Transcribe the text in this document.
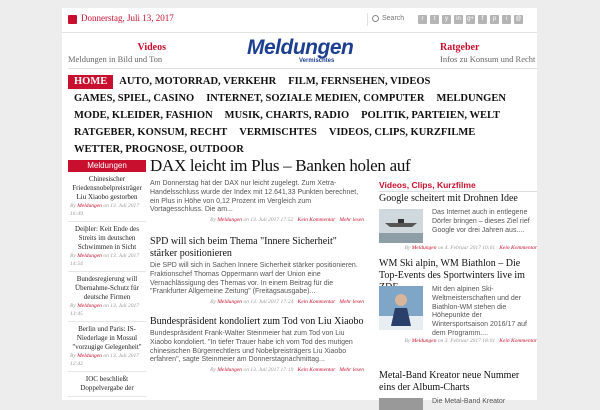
Donnerstag, Juli 13, 2017	Search	r t y in g+ f p i @
Videos
Meldungen in Bild und Ton	Meldungen
Vermischtes
Ratgeber
Infos zu Konsum und Recht
HOME AUTO, MOTORRAD, VERKEHR FILM, FERNSEHEN, VIDEOS
GAMES, SPIEL, CASINO INTERNET, SOZIALE MEDIEN, COMPUTER MELDUNGEN
MODE, KLEIDER, FASHION MUSIK, CHARTS, RADIO POLITIK, PARTEIEN, WELT
RATGEBER, KONSUM, RECHT VERMISCHTES VIDEOS, CLIPS, KURZFILME
WETTER, PROGNOSE, OUTDOOR
Meldungen
Chinesischer Friedensnobelpreisträger Liu Xiaobo gestorben
By Meldungen on 13. Juli 2017 16:49
Deiþler: Keit Ende des Streits im deutschen Schwimmen in Sicht
By Meldungen on 13. Juli 2017 14:54
Bundesregierung will Übernahme-Schutz für deutsche Firmen
By Meldungen on 13. Juli 2017 13:45
Berlin und Paris: IS-Niederlage in Mossul "vorzugige Gelegenheit"
By Meldungen on 13. Juli 2017 12:42
IOC beschließt Doppelvergabe der
DAX leicht im Plus – Banken holen auf
Am Donnerstag hat der DAX nur leicht zugelegt. Zum Xetra-Handelsschluss wurde der Index mit 12.641,33 Punkten berechnet, ein Plus in Höhe von 0,12 Prozent im Vergleich zum Vortagesschluss. Die am...
By Meldungen on 13. Juli 2017 17:52 Kein Kommentar Mehr lesen
SPD will sich beim Thema "Innere Sicherheit" stärker positionieren
Die SPD will sich in Sachen Innere Sicherheit stärker positionieren. Fraktionschef Thomas Oppermann warf der Union eine Vernachlässigung des Themas vor. In einem Beitrag für die "Frankfurter Allgemeine Zeitung" (Freitagsausgabe)...
By Meldungen on 13. Juli 2017 17:24 Kein Kommentar Mehr lesen
Bundespräsident kondoliert zum Tod von Liu Xiaobo
Bundespräsident Frank-Walter Steinmeier hat zum Tod von Liu Xiaobo kondoliert. "In tiefer Trauer habe ich vom Tod des mutigen chinesischen Bürgerrechtlers und Nobelpreisträgers Liu Xiaobo erfahren", sagte Steinmeier am Donnerstagnachmittag...
By Meldungen on 13. Juli 2017 17:19 Kein Kommentar Mehr lesen
Videos, Clips, Kurzfilme
Google scheitert mit Drohnen Idee
Das Internet auch in entlegene Dörfer bringen – dieses Ziel rief Google vor drei Jahren aus....
By Meldungen on 4. Februar 2017 10:01 Kein Kommentar
WM Ski alpin, WM Biathlon – Die Top-Events des Sportwinters live im
Mit den alpinen Ski-Weltmeisterschaften und der Biathlon-WM stehen die Höhepunkte der Wintersportsaison 2016/17 auf dem Programm....
By Meldungen on 3. Februar 2017 18:01 Kein Kommentar
Metal-Band Kreator neue Nummer eins der Album-Charts
Die Metal-Band Kreator
